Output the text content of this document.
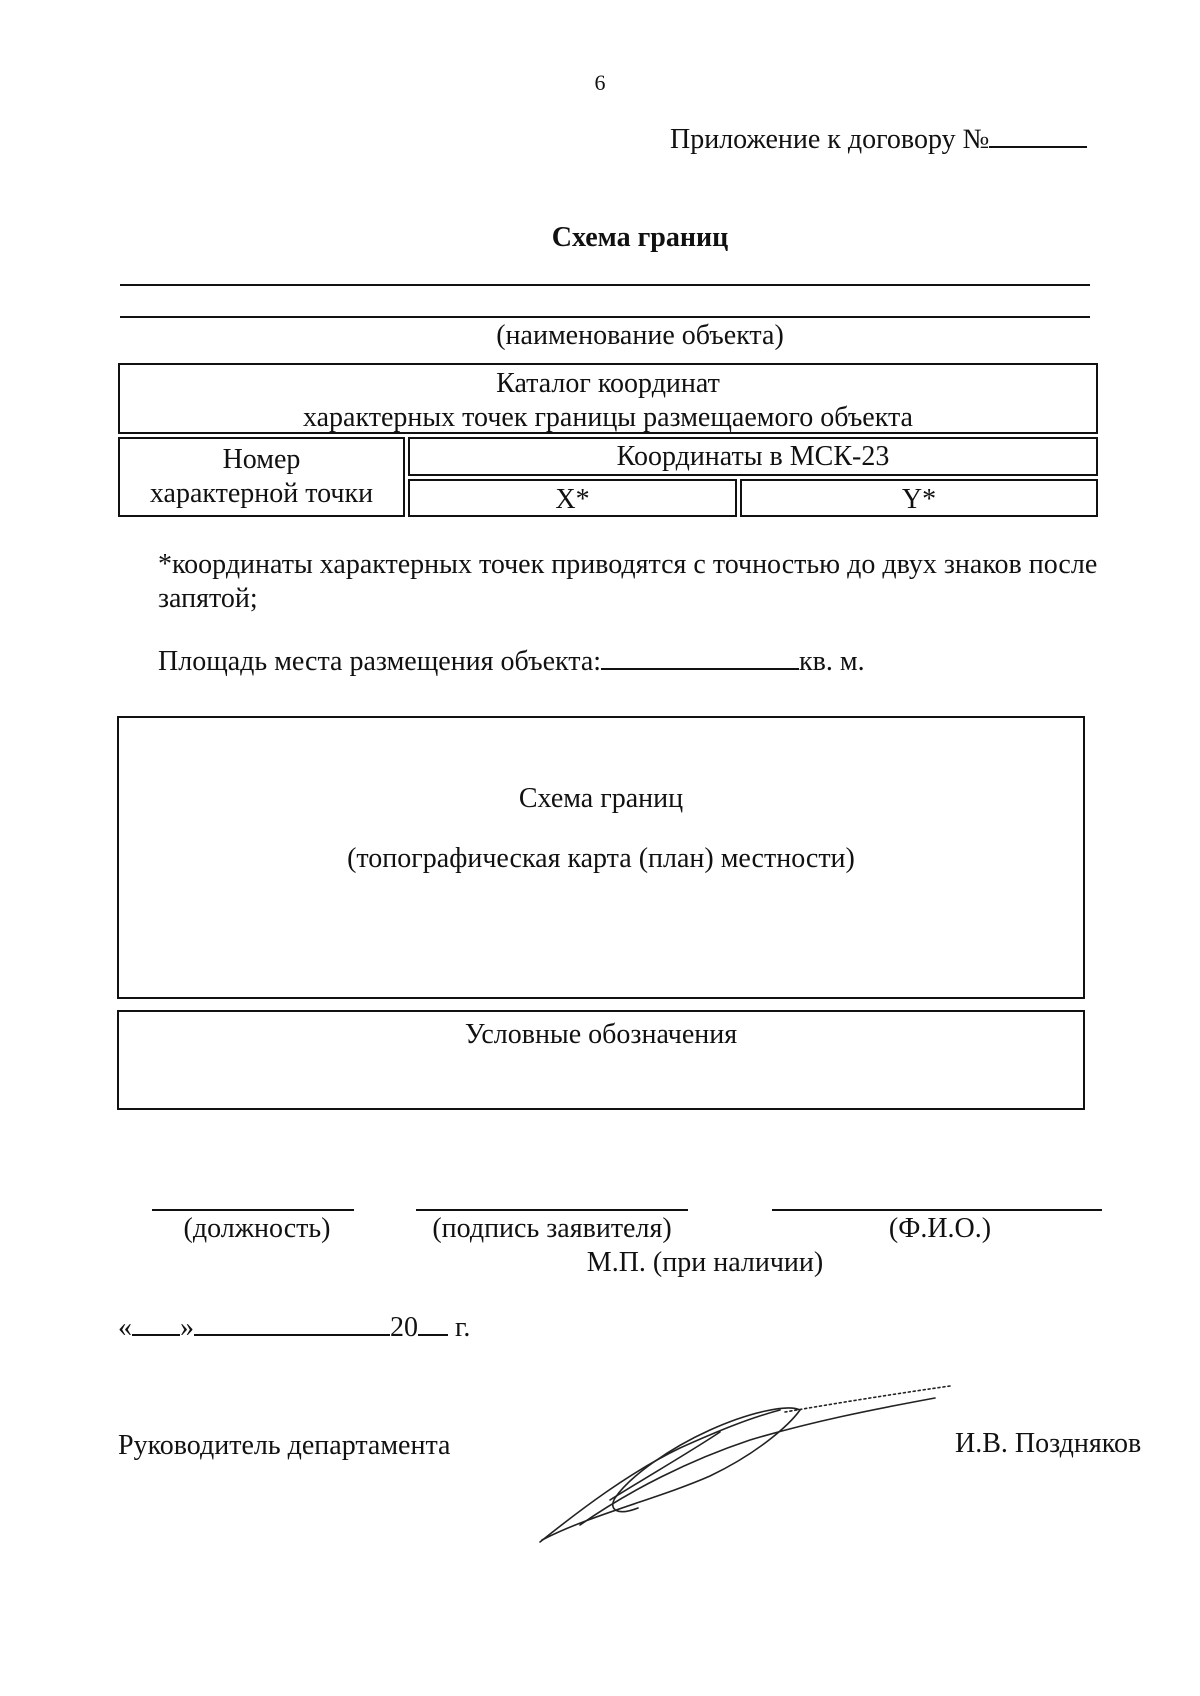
6
Приложение к договору №
Схема границ
(наименование объекта)
Каталог координат
характерных точек границы размещаемого объекта
Номер
характерной точки
Координаты в МСК-23
X*	Y*
*координаты характерных точек приводятся с точностью до двух знаков после запятой;
Площадь места размещения объекта:	кв. м.
Схема границ
(топографическая карта (план) местности)
Условные обозначения
(должность)	(подпись заявителя)	(Ф.И.О.)
М.П. (при наличии)
« »	20 г.
Руководитель департамента	И.В. Поздняков
